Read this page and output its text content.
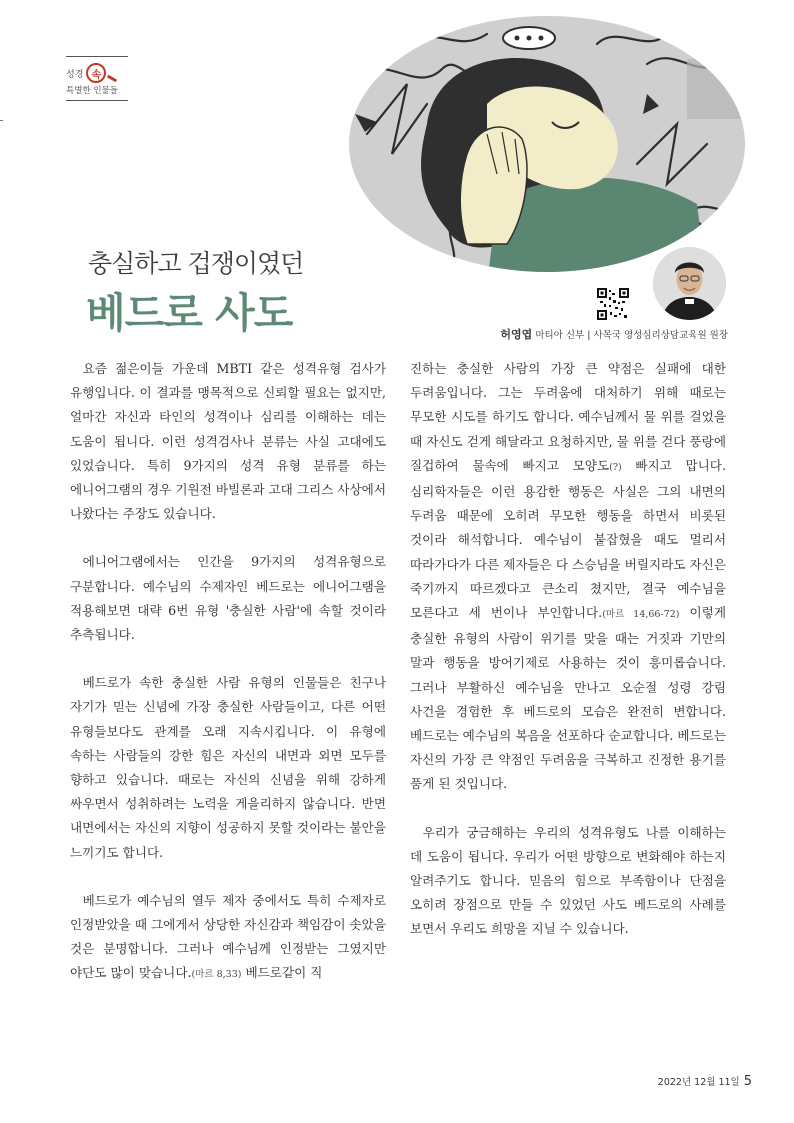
성경 속
특별한 인물들
충실하고 겁쟁이였던
베드로 사도	허영엽 마티아 신부 | 사목국 영성심리상담교육원 원장

요즘 젊은이들 가운데 MBTI 같은 성격유형 검사가 유행입니다. 이 결과를 맹목적으로 신뢰할 필요는 없지만, 얼마간 자신과 타인의 성격이나 심리를 이해하는 데는 도움이 됩니다. 이런 성격검사나 분류는 사실 고대에도 있었습니다. 특히 9가지의 성격 유형 분류를 하는 에니어그램의 경우 기원전 바빌론과 고대 그리스 사상에서 나왔다는 주장도 있습니다.

에니어그램에서는 인간을 9가지의 성격유형으로 구분합니다. 예수님의 수제자인 베드로는 에니어그램을 적용해보면 대략 6번 유형 '충실한 사람'에 속할 것이라 추측됩니다.

베드로가 속한 충실한 사람 유형의 인물들은 친구나 자기가 믿는 신념에 가장 충실한 사람들이고, 다른 어떤 유형들보다도 관계를 오래 지속시킵니다. 이 유형에 속하는 사람들의 강한 힘은 자신의 내면과 외면 모두를 향하고 있습니다. 때로는 자신의 신념을 위해 강하게 싸우면서 성취하려는 노력을 게을리하지 않습니다. 반면 내면에서는 자신의 지향이 성공하지 못할 것이라는 불안을 느끼기도 합니다.

베드로가 예수님의 열두 제자 중에서도 특히 수제자로 인정받았을 때 그에게서 상당한 자신감과 책임감이 솟았을 것은 분명합니다. 그러나 예수님께 인정받는 그였지만 야단도 많이 맞습니다.(마르 8,33) 베드로같이 직

진하는 충실한 사람의 가장 큰 약점은 실패에 대한 두려움입니다. 그는 두려움에 대처하기 위해 때로는 무모한 시도를 하기도 합니다. 예수님께서 물 위를 걸었을 때 자신도 걷게 해달라고 요청하지만, 물 위를 걷다 풍랑에 질겁하여 물속에 빠지고 모양도(?) 빠지고 맙니다. 심리학자들은 이런 용감한 행동은 사실은 그의 내면의 두려움 때문에 오히려 무모한 행동을 하면서 비롯된 것이라 해석합니다. 예수님이 붙잡혔을 때도 멀리서 따라가다가 다른 제자들은 다 스승님을 버릴지라도 자신은 죽기까지 따르겠다고 큰소리 쳤지만, 결국 예수님을 모른다고 세 번이나 부인합니다.(마르 14,66-72) 이렇게 충실한 유형의 사람이 위기를 맞을 때는 거짓과 기만의 말과 행동을 방어기제로 사용하는 것이 흥미롭습니다. 그러나 부활하신 예수님을 만나고 오순절 성령 강림 사건을 경험한 후 베드로의 모습은 완전히 변합니다. 베드로는 예수님의 복음을 선포하다 순교합니다. 베드로는 자신의 가장 큰 약점인 두려움을 극복하고 진정한 용기를 품게 된 것입니다.

우리가 궁금해하는 우리의 성격유형도 나를 이해하는 데 도움이 됩니다. 우리가 어떤 방향으로 변화해야 하는지 알려주기도 합니다. 믿음의 힘으로 부족함이나 단점을 오히려 장점으로 만들 수 있었던 사도 베드로의 사례를 보면서 우리도 희망을 지닐 수 있습니다.

2022년 12월 11일 5
